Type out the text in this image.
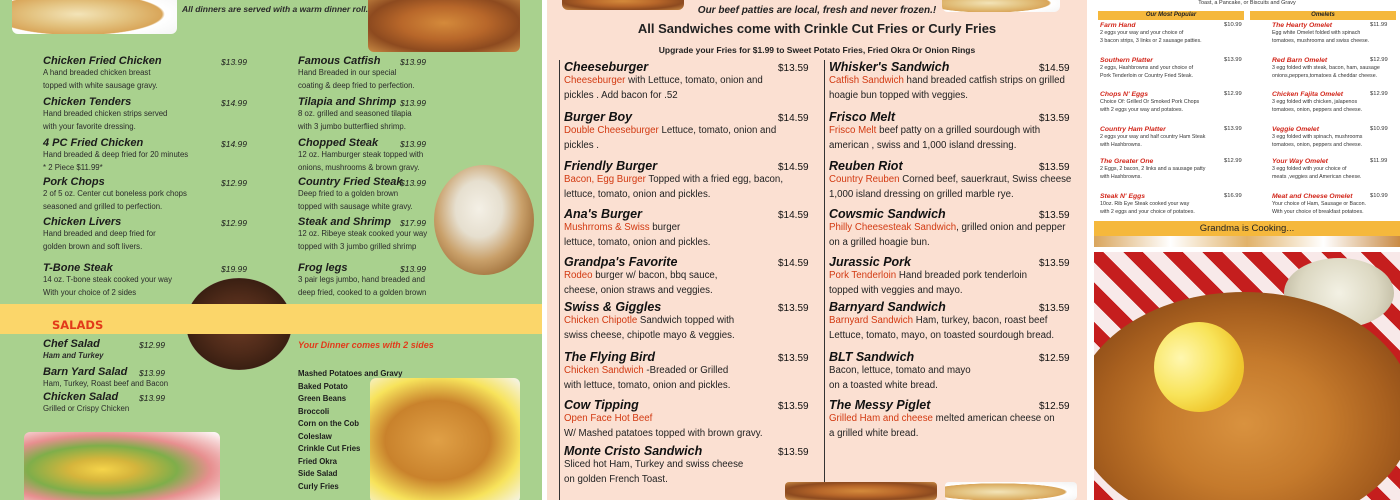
All dinners are served with a warm dinner roll.
Chicken Fried Chicken	$13.99
A hand breaded chicken breast
topped with white sausage gravy.
Chicken Tenders	$14.99
Hand breaded chicken strips served
with your favorite dressing.
4 PC Fried Chicken	$14.99
Hand breaded & deep fried for 20 minutes
* 2 Piece $11.99*
Pork Chops	$12.99
2 of 5 oz. Center cut boneless pork chops
seasoned and grilled to perfection.
Chicken Livers	$12.99
Hand breaded and deep fried for
golden brown and soft livers.
T-Bone Steak	$19.99
14 oz. T-bone steak cooked your way
With your choice of 2 sides
Famous Catfish	$13.99
Hand Breaded in our special
coating & deep fried to perfection.
Tilapia and Shrimp $13.99
8 oz. grilled and seasoned tilapia
with 3 jumbo butterflied shrimp.
Chopped Steak	$13.99
12 oz. Hamburger steak topped with
onions, mushrooms & brown gravy.
Country Fried Steak
$13.99
Deep fried to a golden brown
topped with sausage white gravy.
Steak and Shrimp	$17.99
12 oz. Ribeye steak cooked your way
topped with 3 jumbo grilled shrimp
Frog legs	$13.99
3 pair legs jumbo, hand breaded and
deep fried, cooked to a golden brown
SALADS
Chef Salad	$12.99
Ham and Turkey
Barn Yard Salad	$13.99
Ham, Turkey, Roast beef and Bacon
Chicken Salad	$13.99
Grilled or Crispy Chicken
Your Dinner comes with 2 sides
Mashed Potatoes and Gravy
Baked Potato
Green Beans
Broccoli
Corn on the Cob
Coleslaw
Crinkle Cut Fries
Fried Okra
Side Salad
Curly Fries
Our beef patties are local, fresh and never frozen.!
All Sandwiches come with Crinkle Cut Fries or Curly Fries
Upgrade your Fries for $1.99 to Sweet Potato Fries, Fried Okra Or Onion Rings
Cheeseburger	$13.59
Cheeseburger with Lettuce, tomato, onion and
pickles . Add bacon for .52
Burger Boy	$14.59
Double Cheeseburger Lettuce, tomato, onion and
pickles .
Friendly Burger	$14.59
Bacon, Egg Burger Topped with a fried egg, bacon,
lettuce, tomato, onion and pickles.
Ana's Burger	$14.59
Mushrroms & Swiss burger
lettuce, tomato, onion and pickles.
Grandpa's Favorite	$14.59
Rodeo burger w/ bacon, bbq sauce,
cheese, onion straws and veggies.
Swiss & Giggles	$13.59
Chicken Chipotle Sandwich topped with
swiss cheese, chipotle mayo & veggies.
The Flying Bird	$13.59
Chicken Sandwich -Breaded or Grilled
with lettuce, tomato, onion and pickles.
Cow Tipping	$13.59
Open Face Hot Beef
W/ Mashed patatoes topped with brown gravy.
Monte Cristo Sandwich	$13.59
Sliced hot Ham, Turkey and swiss cheese
on golden French Toast.
Whisker's Sandwich	$14.59
Catfish Sandwich hand breaded catfish strips on grilled
hoagie bun topped with veggies.
Frisco Melt	$13.59
Frisco Melt beef patty on a grilled sourdough with
american , swiss and 1,000 island dressing.
Reuben Riot	$13.59
Country Reuben Corned beef, sauerkraut, Swiss cheese
1,000 island dressing on grilled marble rye.
Cowsmic Sandwich	$13.59
Philly Cheesesteak Sandwich, grilled onion and pepper
on a grilled hoagie bun.
Jurassic Pork	$13.59
Pork Tenderloin Hand breaded pork tenderloin
topped with veggies and mayo.
Barnyard Sandwich	$13.59
Barnyard Sandwich Ham, turkey, bacon, roast beef
Lettuce, tomato, mayo, on toasted sourdough bread.
BLT Sandwich	$12.59
Bacon, lettuce, tomato and mayo
on a toasted white bread.
The Messy Piglet	$12.59
Grilled Ham and cheese melted american cheese on
a grilled white bread.
Toast, a Pancake, or Biscuits and Gravy
Our Most Popular	Omelets
Farm Hand	$10.99
2 eggs your way and your choice of
3 bacon strips, 3 links or 2 sausage patties.
Southern Platter	$13.99
2 eggs, Hashbrowns and your choice of
Pork Tenderloin or Country Fried Steak.
Chops N' Eggs	$12.99
Choice Of: Grilled Or Smoked Pork Chops
with 2 eggs your way and potatoes.
Country Ham Platter	$13.99
2 eggs your way and half country Ham Steak
with Hashbrowns.
The Greater One	$12.99
2 Eggs, 2 bacon, 2 links and a sausage patty
with Hashbrowns.
Steak N' Eggs	$16.99
10oz. Rib Eye Steak cooked your way
with 2 eggs and your choice of potatoes.
The Hearty Omelet	$11.99
Egg white Omelet folded with spinach
tomatoes, mushrooms and swiss cheese.
Red Barn Omelet	$12.99
3 egg folded with steak, bacon, ham, sausage
onions,peppers,tomatoes & cheddar cheese.
Chicken Fajita Omelet	$12.99
3 egg folded with chicken, jalapenos
tomatoes, onion, peppers and cheese.
Veggie Omelet	$10.99
3 egg folded with spinach, mushrooms
tomatoes, onion, peppers and cheese.
Your Way Omelet	$11.99
3 egg folded with your choice of
meats ,veggies and American cheese.
Meat and Cheese Omelet	$10.99
Your choice of Ham, Sausage or Bacon.
With your choice of breakfast potatoes.
Grandma is Cooking...
